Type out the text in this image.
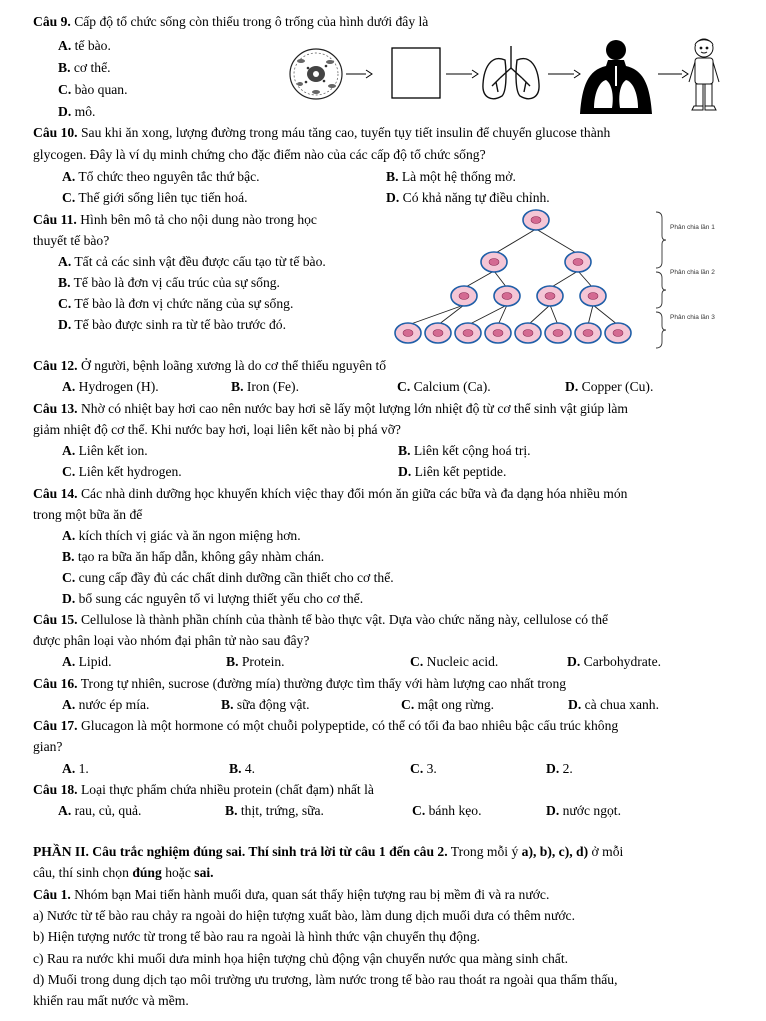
Câu 9. Cấp độ tổ chức sống còn thiếu trong ô trống của hình dưới đây là
A. tế bào.
B. cơ thể.
C. bào quan.
D. mô.
Câu 10. Sau khi ăn xong, lượng đường trong máu tăng cao, tuyến tụy tiết insulin để chuyển glucose thành
glycogen. Đây là ví dụ minh chứng cho đặc điểm nào của các cấp độ tổ chức sống?
A. Tổ chức theo nguyên tắc thứ bậc.	B. Là một hệ thống mở.
C. Thế giới sống liên tục tiến hoá.	D. Có khả năng tự điều chỉnh.
Câu 11. Hình bên mô tả cho nội dung nào trong học
thuyết tế bào?
A. Tất cả các sinh vật đều được cấu tạo từ tế bào.
B. Tế bào là đơn vị cấu trúc của sự sống.
C. Tế bào là đơn vị chức năng của sự sống.
D. Tế bào được sinh ra từ tế bào trước đó.
Phân chia lần 1
Phân chia lần 2
Phân chia lần 3
Câu 12. Ở người, bệnh loãng xương là do cơ thể thiếu nguyên tố
A. Hydrogen (H).	B. Iron (Fe).	C. Calcium (Ca).	D. Copper (Cu).
Câu 13. Nhờ có nhiệt bay hơi cao nên nước bay hơi sẽ lấy một lượng lớn nhiệt độ từ cơ thể sinh vật giúp làm
giảm nhiệt độ cơ thể. Khi nước bay hơi, loại liên kết nào bị phá vỡ?
A. Liên kết ion.	B. Liên kết cộng hoá trị.
C. Liên kết hydrogen.	D. Liên kết peptide.
Câu 14. Các nhà dinh dưỡng học khuyến khích việc thay đổi món ăn giữa các bữa và đa dạng hóa nhiều món
trong một bữa ăn để
A. kích thích vị giác và ăn ngon miệng hơn.
B. tạo ra bữa ăn hấp dẫn, không gây nhàm chán.
C. cung cấp đầy đủ các chất dinh dưỡng cần thiết cho cơ thể.
D. bổ sung các nguyên tố vi lượng thiết yếu cho cơ thể.
Câu 15. Cellulose là thành phần chính của thành tế bào thực vật. Dựa vào chức năng này, cellulose có thể
được phân loại vào nhóm đại phân tử nào sau đây?
A. Lipid.	B. Protein.	C. Nucleic acid.	D. Carbohydrate.
Câu 16. Trong tự nhiên, sucrose (đường mía) thường được tìm thấy với hàm lượng cao nhất trong
A. nước ép mía.	B. sữa động vật.	C. mật ong rừng.	D. cà chua xanh.
Câu 17. Glucagon là một hormone có một chuỗi polypeptide, có thể có tối đa bao nhiêu bậc cấu trúc không
gian?
A. 1.	B. 4.	C. 3.	D. 2.
Câu 18. Loại thực phẩm chứa nhiều protein (chất đạm) nhất là
A. rau, củ, quả.	B. thịt, trứng, sữa.	C. bánh kẹo.	D. nước ngọt.
PHẦN II. Câu trắc nghiệm đúng sai. Thí sinh trả lời từ câu 1 đến câu 2. Trong mỗi ý a), b), c), d) ở mỗi
câu, thí sinh chọn đúng hoặc sai.
Câu 1. Nhóm bạn Mai tiến hành muối dưa, quan sát thấy hiện tượng rau bị mềm đi và ra nước.
a) Nước từ tế bào rau chảy ra ngoài do hiện tượng xuất bào, làm dung dịch muối dưa có thêm nước.
b) Hiện tượng nước từ trong tế bào rau ra ngoài là hình thức vận chuyển thụ động.
c) Rau ra nước khi muối dưa minh họa hiện tượng chủ động vận chuyển nước qua màng sinh chất.
d) Muối trong dung dịch tạo môi trường ưu trương, làm nước trong tế bào rau thoát ra ngoài qua thẩm thấu,
khiến rau mất nước và mềm.
